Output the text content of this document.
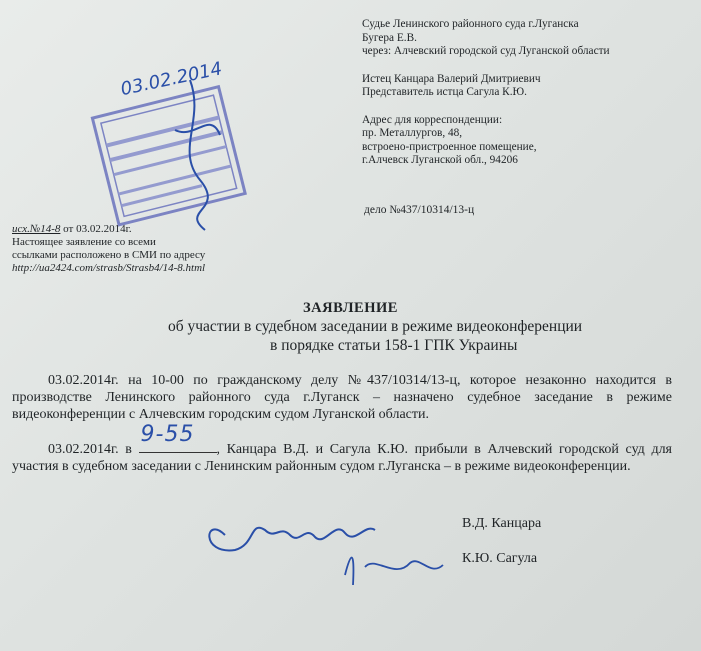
Судье Ленинского районного суда г.Луганска
Бугера Е.В.
через: Алчевский городской суд Луганской области
Истец Канцара Валерий Дмитриевич
Представитель истца Сагула К.Ю.
Адрес для корреспонденции:
пр. Металлургов, 48,
встроено-пристроенное помещение,
г.Алчевск Луганской обл., 94206
дело №437/10314/13-ц
03.02.2014
исх.№14-8 от 03.02.2014г.
Настоящее заявление со всеми
ссылками расположено в СМИ по адресу
http://ua2424.com/strasb/Strasb4/14-8.html
ЗАЯВЛЕНИЕ
об участии в судебном заседании в режиме видеоконференции
в порядке статьи 158-1 ГПК Украины
03.02.2014г. на 10-00 по гражданскому делу №437/10314/13-ц, которое незаконно находится в производстве Ленинского районного суда г.Луганск – назначено судебное заседание в режиме видеоконференции с Алчевским городским судом Луганской области.
03.02.2014г. в
9-55
, Канцара В.Д. и Сагула К.Ю. прибыли в Алчевский городской суд для участия в судебном заседании с Ленинским районным судом г.Луганска – в режиме видеоконференции.
В.Д. Канцара
К.Ю. Сагула
